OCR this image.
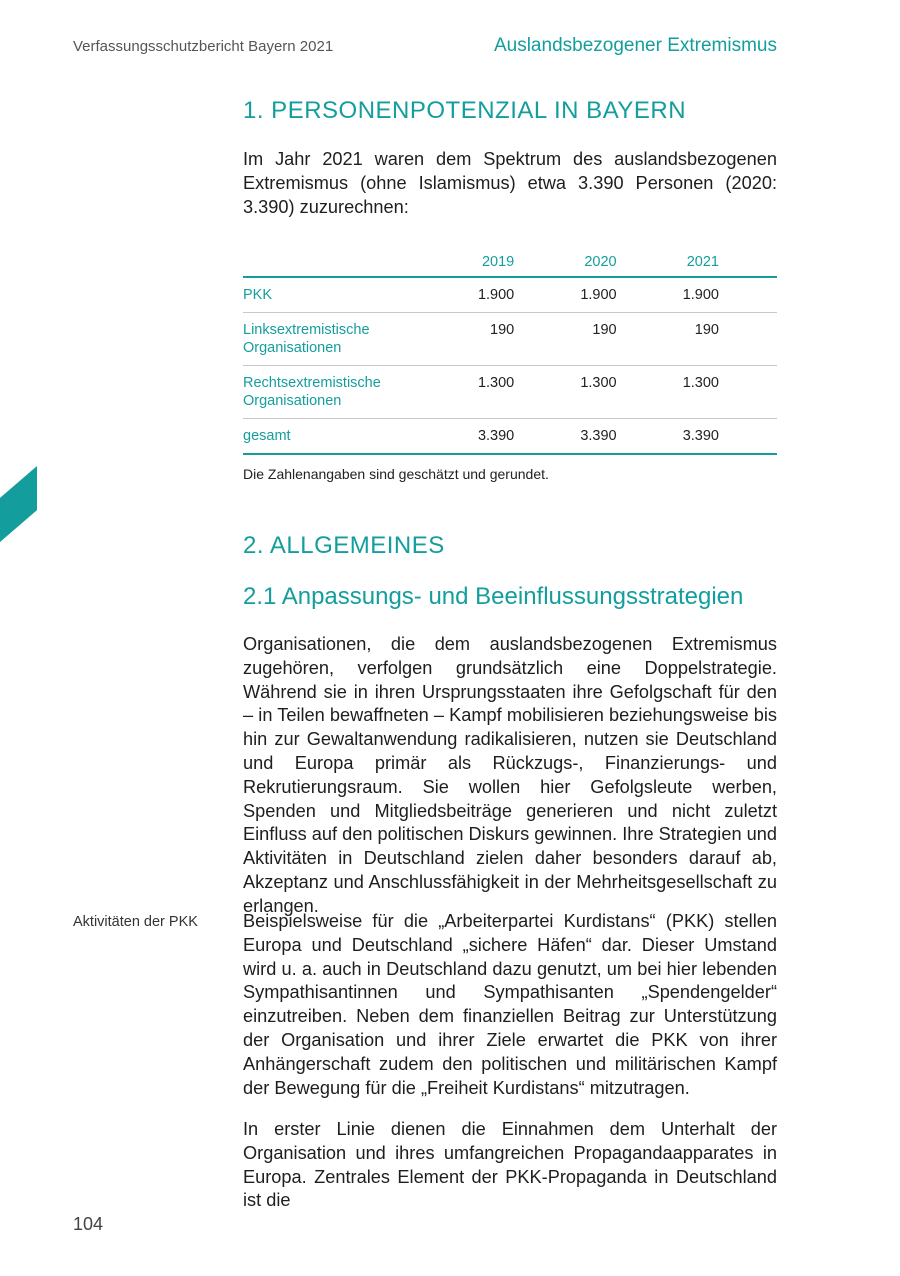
Verfassungsschutzbericht Bayern 2021	Auslandsbezogener Extremismus
1. PERSONENPOTENZIAL IN BAYERN

Im Jahr 2021 waren dem Spektrum des auslandsbezogenen Extremismus (ohne Islamismus) etwa 3.390 Personen (2020: 3.390) zuzurechnen:

	2019	2020	2021
PKK	1.900	1.900	1.900
Linksextremistische Organisationen	190	190	190
Rechtsextremistische Organisationen	1.300	1.300	1.300
gesamt	3.390	3.390	3.390
Die Zahlenangaben sind geschätzt und gerundet.
2. ALLGEMEINES
2.1 Anpassungs- und Beeinflussungsstrategien

Organisationen, die dem auslandsbezogenen Extremismus zugehören, verfolgen grundsätzlich eine Doppelstrategie. Während sie in ihren Ursprungsstaaten ihre Gefolgschaft für den – in Teilen bewaffneten – Kampf mobilisieren beziehungsweise bis hin zur Gewaltanwendung radikalisieren, nutzen sie Deutschland und Europa primär als Rückzugs-, Finanzierungs- und Rekrutierungsraum. Sie wollen hier Gefolgsleute werben, Spenden und Mitgliedsbeiträge generieren und nicht zuletzt Einfluss auf den politischen Diskurs gewinnen. Ihre Strategien und Aktivitäten in Deutschland zielen daher besonders darauf ab, Akzeptanz und Anschlussfähigkeit in der Mehrheitsgesellschaft zu erlangen.

Aktivitäten der PKK Beispielsweise für die „Arbeiterpartei Kurdistans“ (PKK) stellen Europa und Deutschland „sichere Häfen“ dar. Dieser Umstand wird u. a. auch in Deutschland dazu genutzt, um bei hier lebenden Sympathisantinnen und Sympathisanten „Spendengelder“ einzutreiben. Neben dem finanziellen Beitrag zur Unterstützung der Organisation und ihrer Ziele erwartet die PKK von ihrer Anhängerschaft zudem den politischen und militärischen Kampf der Bewegung für die „Freiheit Kurdistans“ mitzutragen.

In erster Linie dienen die Einnahmen dem Unterhalt der Organisation und ihres umfangreichen Propagandaapparates in Europa. Zentrales Element der PKK-Propaganda in Deutschland ist die

104
